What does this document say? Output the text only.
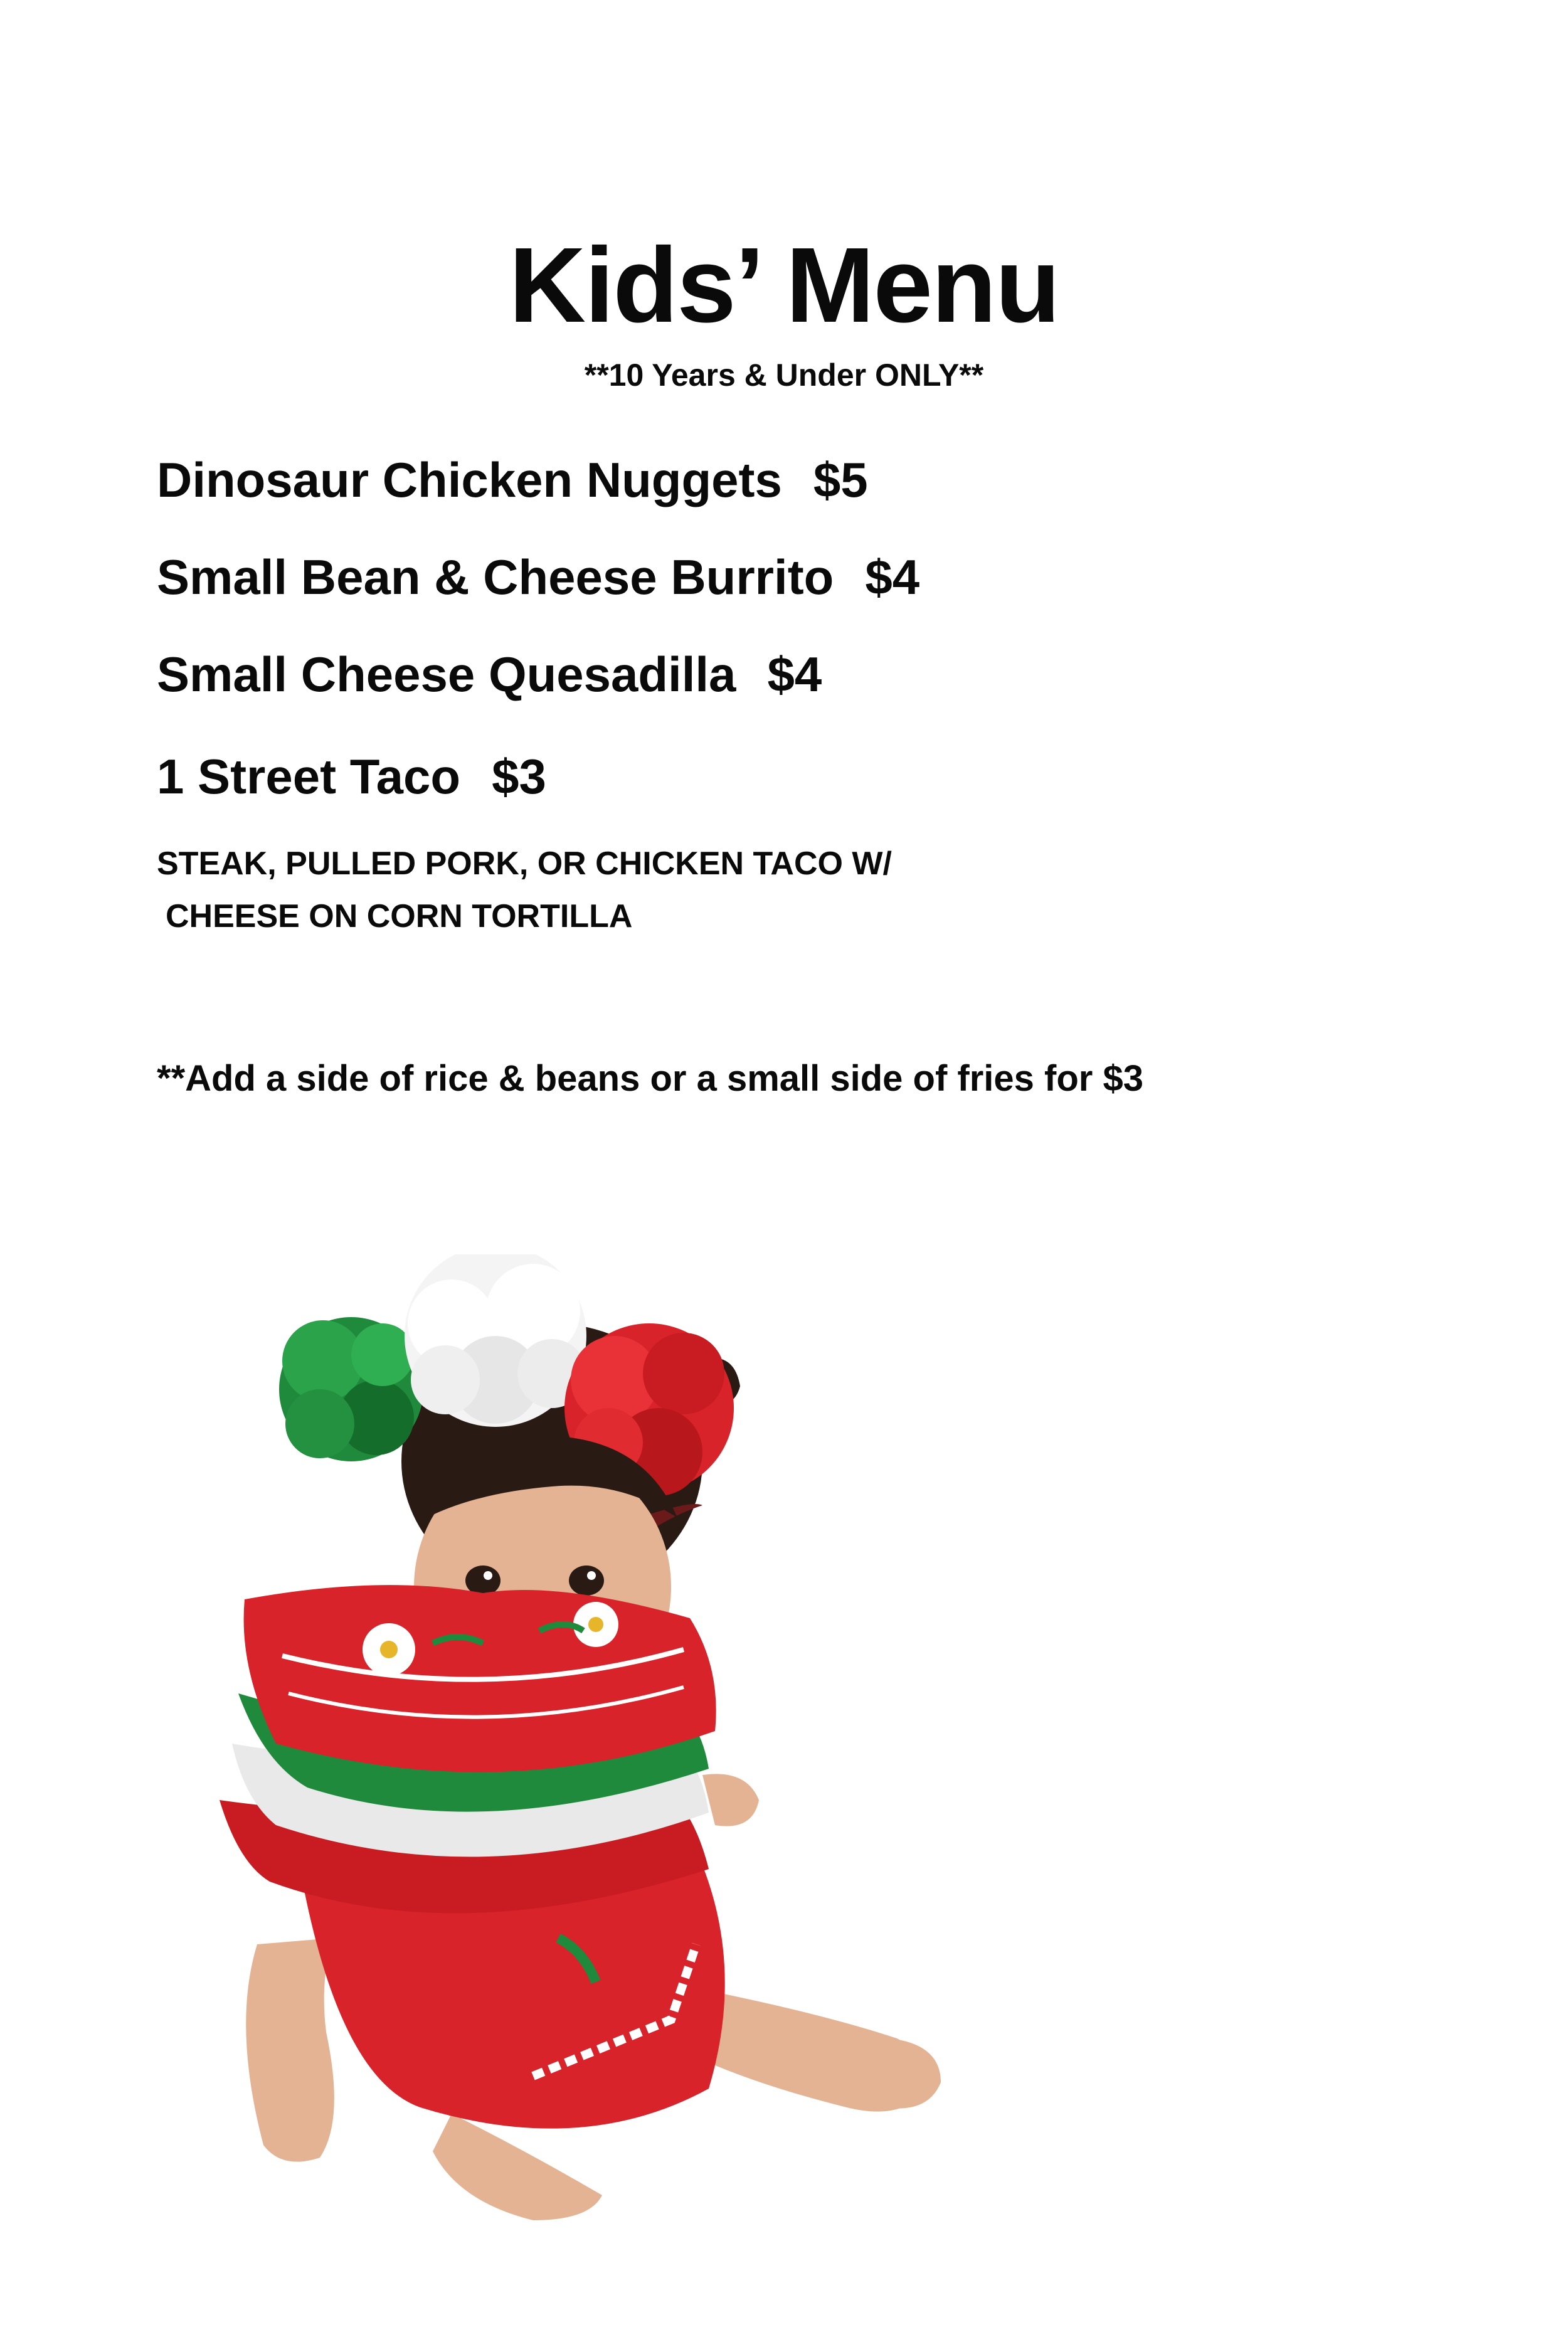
Kids’ Menu
**10 Years & Under ONLY**
Dinosaur Chicken Nuggets $5
Small Bean & Cheese Burrito $4
Small Cheese Quesadilla $4
1 Street Taco $3
STEAK, PULLED PORK, OR CHICKEN TACO W/
CHEESE ON CORN TORTILLA
**Add a side of rice & beans or a small side of fries for $3
